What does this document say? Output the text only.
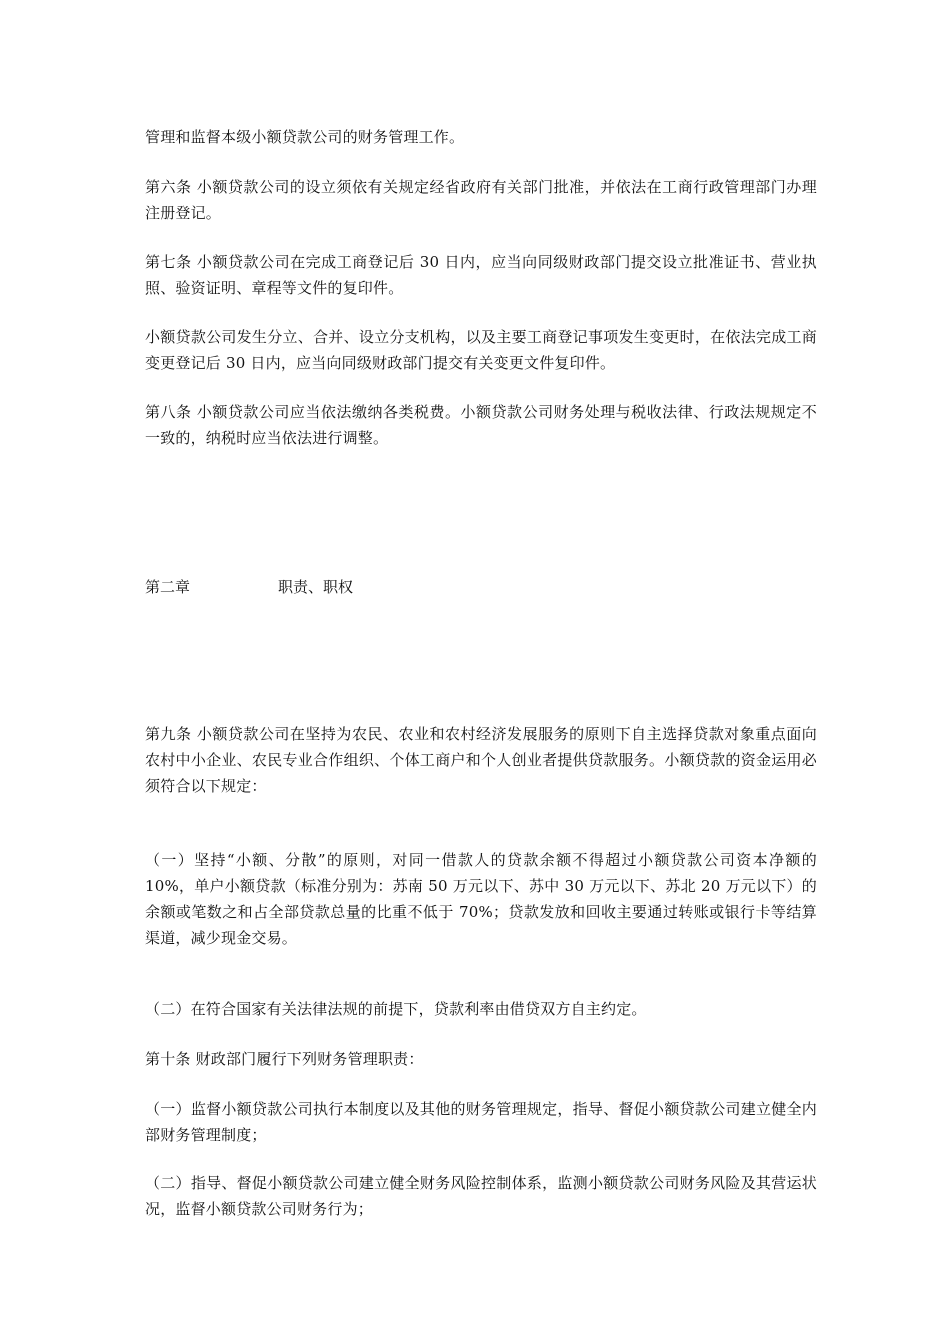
管理和监督本级小额贷款公司的财务管理工作。

第六条 小额贷款公司的设立须依有关规定经省政府有关部门批准，并依法在工商行政管理部门办理注册登记。

第七条 小额贷款公司在完成工商登记后 30 日内，应当向同级财政部门提交设立批准证书、营业执照、验资证明、章程等文件的复印件。

小额贷款公司发生分立、合并、设立分支机构，以及主要工商登记事项发生变更时，在依法完成工商变更登记后 30 日内，应当向同级财政部门提交有关变更文件复印件。

第八条 小额贷款公司应当依法缴纳各类税费。小额贷款公司财务处理与税收法律、行政法规规定不一致的，纳税时应当依法进行调整。

第二章	职责、职权

第九条 小额贷款公司在坚持为农民、农业和农村经济发展服务的原则下自主选择贷款对象重点面向农村中小企业、农民专业合作组织、个体工商户和个人创业者提供贷款服务。小额贷款的资金运用必须符合以下规定：

（一）坚持“小额、分散”的原则，对同一借款人的贷款余额不得超过小额贷款公司资本净额的 10%，单户小额贷款（标准分别为：苏南 50 万元以下、苏中 30 万元以下、苏北 20 万元以下）的余额或笔数之和占全部贷款总量的比重不低于 70%；贷款发放和回收主要通过转账或银行卡等结算渠道，减少现金交易。

（二）在符合国家有关法律法规的前提下，贷款利率由借贷双方自主约定。

第十条 财政部门履行下列财务管理职责：

（一）监督小额贷款公司执行本制度以及其他的财务管理规定，指导、督促小额贷款公司建立健全内部财务管理制度；

（二）指导、督促小额贷款公司建立健全财务风险控制体系，监测小额贷款公司财务风险及其营运状况，监督小额贷款公司财务行为；
